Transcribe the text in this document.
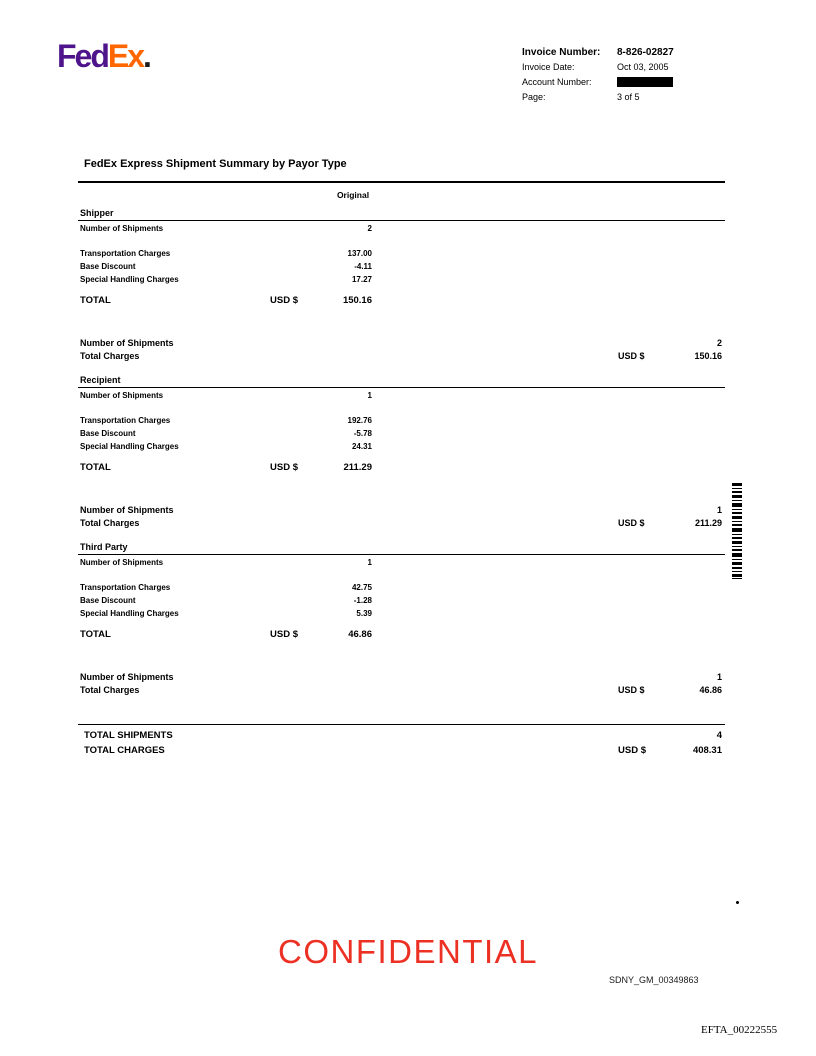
FedEx.	Invoice Number:	8-826-02827
Invoice Date:	Oct 03, 2005
Account Number:
Page:	3 of 5
FedEx Express Shipment Summary by Payor Type
Original
Shipper
Number of Shipments	2
Transportation Charges	137.00
Base Discount	-4.11
Special Handling Charges	17.27
TOTAL	USD $	150.16
Number of Shipments	2
Total Charges	USD $	150.16
Recipient
Number of Shipments	1
Transportation Charges	192.76
Base Discount	-5.78
Special Handling Charges	24.31
TOTAL	USD $	211.29
Number of Shipments	1
Total Charges	USD $	211.29
Third Party
Number of Shipments	1
Transportation Charges	42.75
Base Discount	-1.28
Special Handling Charges	5.39
TOTAL	USD $	46.86
Number of Shipments	1
Total Charges	USD $	46.86
TOTAL SHIPMENTS	4
TOTAL CHARGES	USD $	408.31
CONFIDENTIAL
SDNY_GM_00349863
EFTA_00222555
